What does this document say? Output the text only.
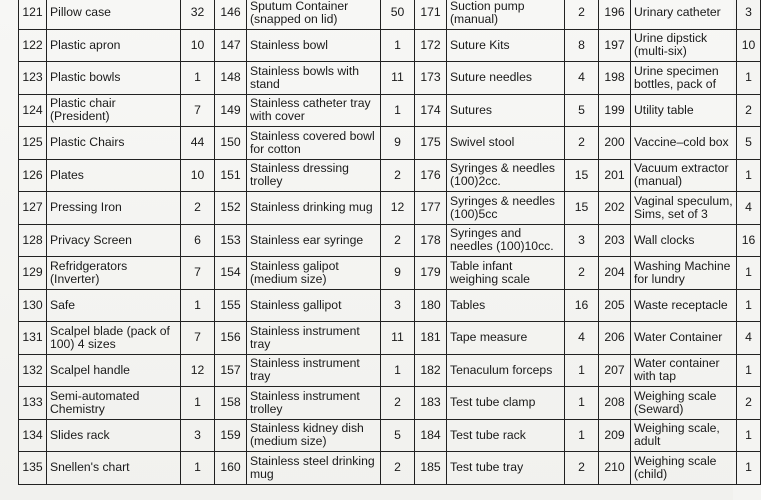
121	Pillow case	32	146	Sputum Container (snapped on lid)	50	171	Suction pump (manual)	2	196	Urinary catheter	3
122	Plastic apron	10	147	Stainless bowl	1	172	Suture Kits	8	197	Urine dipstick (multi-six)	10
123	Plastic bowls	1	148	Stainless bowls with stand	11	173	Suture needles	4	198	Urine specimen bottles, pack of	1
124	Plastic chair (President)	7	149	Stainless catheter tray with cover	1	174	Sutures	5	199	Utility table	2
125	Plastic Chairs	44	150	Stainless covered bowl for cotton	9	175	Swivel stool	2	200	Vaccine–cold box	5
126	Plates	10	151	Stainless dressing trolley	2	176	Syringes & needles (100)2cc.	15	201	Vacuum extractor (manual)	1
127	Pressing Iron	2	152	Stainless drinking mug	12	177	Syringes & needles (100)5cc	15	202	Vaginal speculum, Sims, set of 3	4
128	Privacy Screen	6	153	Stainless ear syringe	2	178	Syringes and needles (100)10cc.	3	203	Wall clocks	16
129	Refridgerators (Inverter)	7	154	Stainless galipot (medium size)	9	179	Table infant weighing scale	2	204	Washing Machine for lundry	1
130	Safe	1	155	Stainless gallipot	3	180	Tables	16	205	Waste receptacle	1
131	Scalpel blade (pack of 100) 4 sizes	7	156	Stainless instrument tray	11	181	Tape measure	4	206	Water Container	4
132	Scalpel handle	12	157	Stainless instrument tray	1	182	Tenaculum forceps	1	207	Water container with tap	1
133	Semi-automated Chemistry	1	158	Stainless instrument trolley	2	183	Test tube clamp	1	208	Weighing scale (Seward)	2
134	Slides rack	3	159	Stainless kidney dish (medium size)	5	184	Test tube rack	1	209	Weighing scale, adult	1
135	Snellen's chart	1	160	Stainless steel drinking mug	2	185	Test tube tray	2	210	Weighing scale (child)	1
